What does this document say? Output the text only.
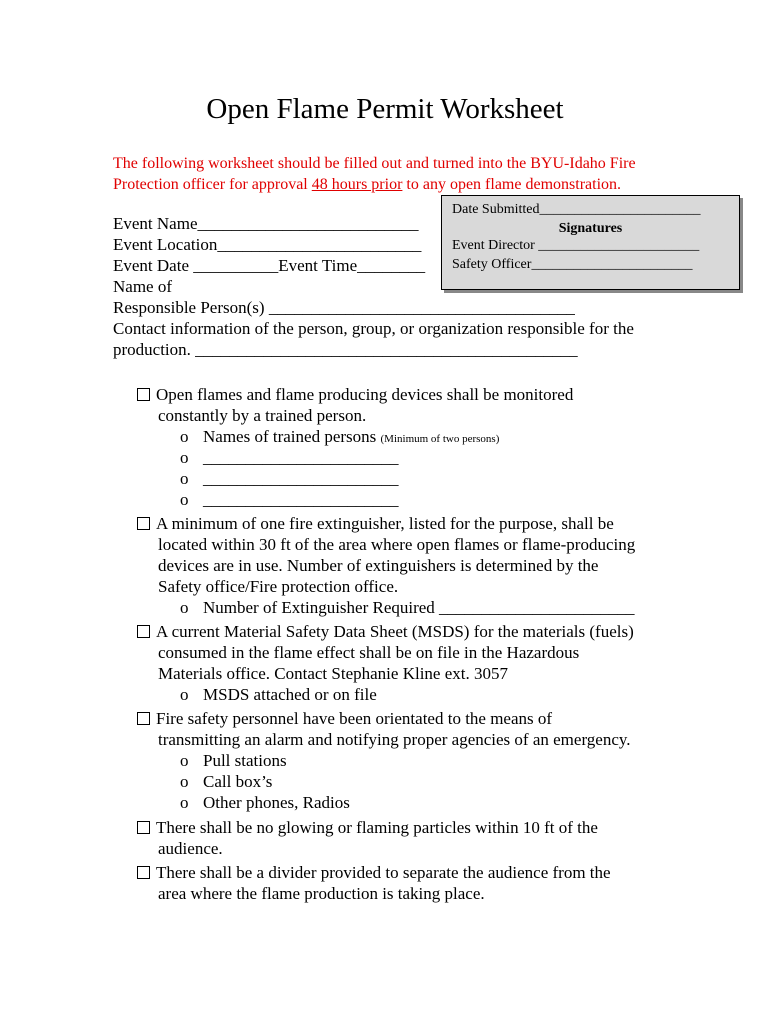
Open Flame Permit Worksheet
The following worksheet should be filled out and turned into the BYU-Idaho Fire
Protection officer for approval 48 hours prior to any open flame demonstration.
Date Submitted_______________________
Signatures
Event Director _______________________
Safety Officer_______________________
Event Name__________________________
Event Location________________________
Event Date __________Event Time________
Name of
Responsible Person(s) ____________________________________
Contact information of the person, group, or organization responsible for the
production. _____________________________________________
Open flames and flame producing devices shall be monitored
constantly by a trained person.
o Names of trained persons (Minimum of two persons)
o _______________________
o _______________________
o _______________________
A minimum of one fire extinguisher, listed for the purpose, shall be
located within 30 ft of the area where open flames or flame-producing
devices are in use. Number of extinguishers is determined by the
Safety office/Fire protection office.
o Number of Extinguisher Required _______________________
A current Material Safety Data Sheet (MSDS) for the materials (fuels)
consumed in the flame effect shall be on file in the Hazardous
Materials office. Contact Stephanie Kline ext. 3057
o MSDS attached or on file
Fire safety personnel have been orientated to the means of
transmitting an alarm and notifying proper agencies of an emergency.
o Pull stations
o Call box’s
o Other phones, Radios
There shall be no glowing or flaming particles within 10 ft of the
audience.
There shall be a divider provided to separate the audience from the
area where the flame production is taking place.
